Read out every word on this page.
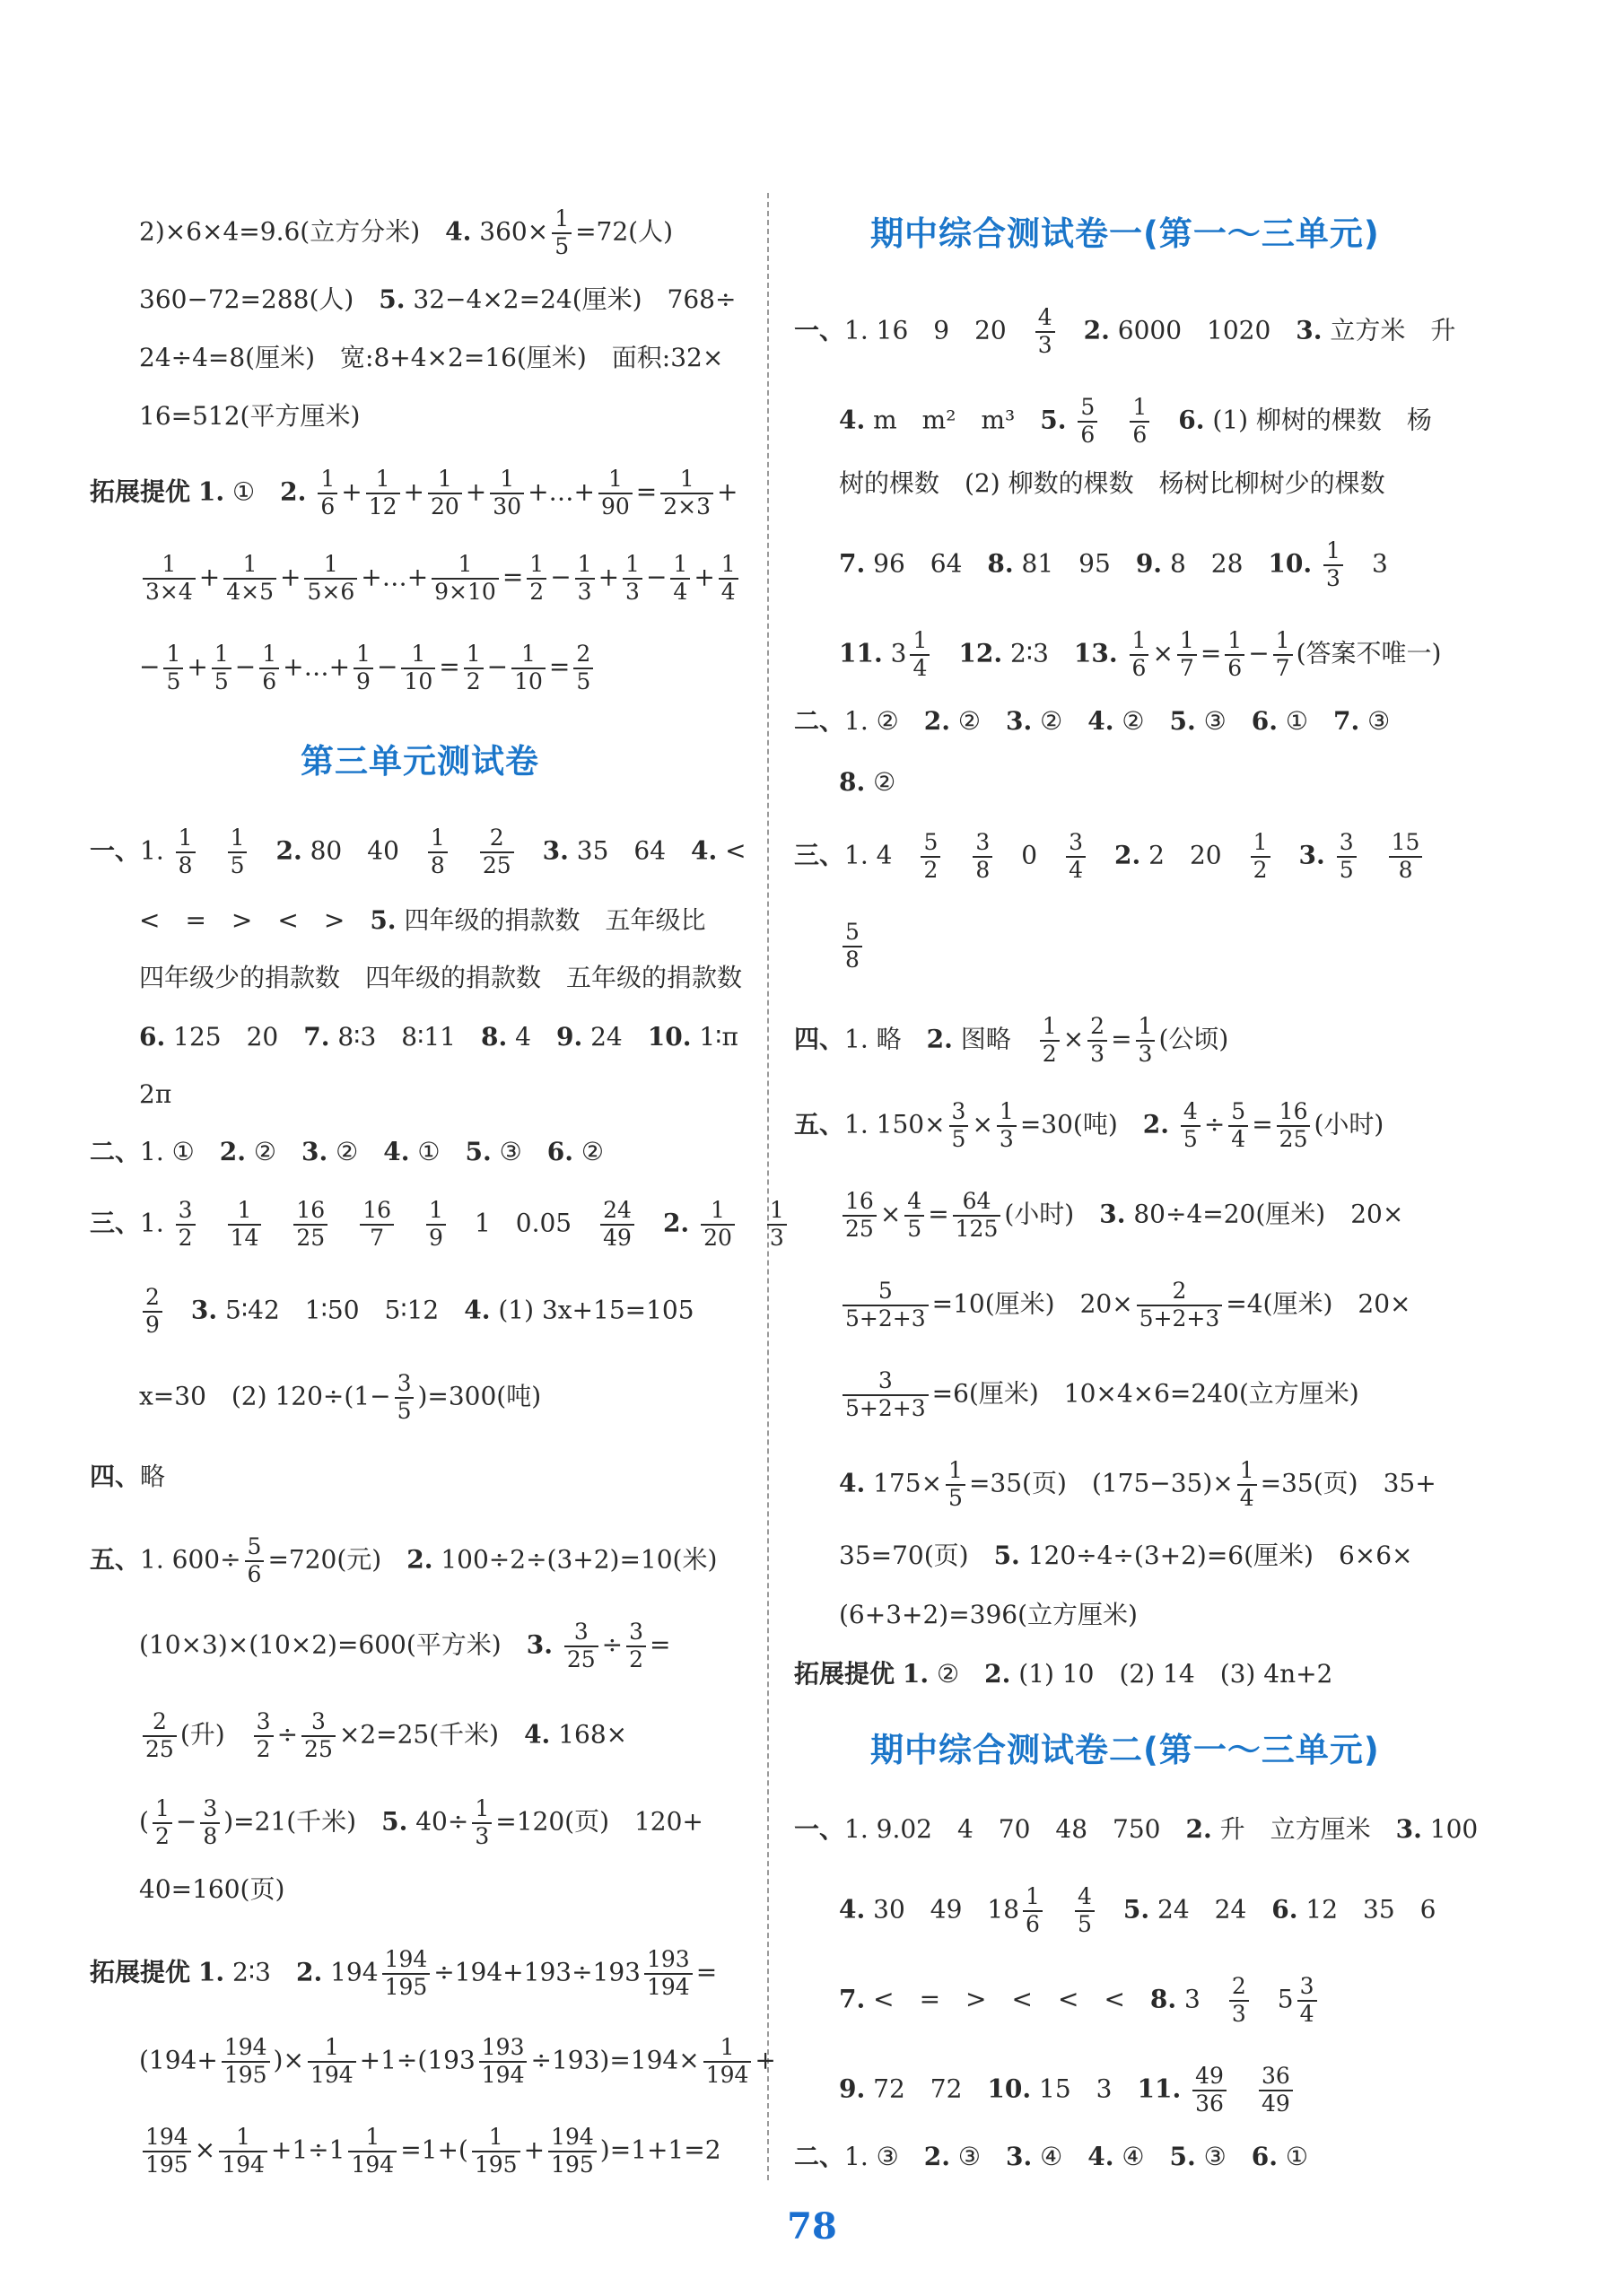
2)×6×4=9.6(立方分米)　4. $360\times \frac{1}{5} =72$(人)
360−72=288(人)　5. 32−4×2=24(厘米)　768÷
24÷4=8(厘米)　宽:8+4×2=16(厘米)　面积:32×
16=512(平方厘米)
拓展提优 1. ①　2. $\frac{1}{6} + \frac{1}{12} + \frac{1}{20} + \frac{1}{30}$ +…+ $\frac{1}{90} = \frac{1}{2\times 3}$ +
$\frac{1}{3\times 4} + \frac{1}{4\times 5} + \frac{1}{5\times 6}$ +…+ $\frac{1}{9\times 10} = \frac{1}{2} - \frac{1}{3} + \frac{1}{3} - \frac{1}{4} + \frac{1}{4}$
− $\frac{1}{5} + \frac{1}{5} - \frac{1}{6}$ +…+ $\frac{1}{9} - \frac{1}{10} = \frac{1}{2} - \frac{1}{10} = \frac{2}{5}$
第三单元测试卷
一、1. $\frac{1}{8}$
　 $\frac{1}{5}$
　 2. 80　40　 $\frac{1}{8}$
　 $\frac{2}{25}$
　 3. 35　64　4. <
<　=　>　<　>　5. 四年级的捐款数　五年级比
四年级少的捐款数　四年级的捐款数　五年级的捐款数
6. 125　20　7. 8∶3　8∶11　8. 4　9. 24　10. 1∶π
2π
二、1. ①　2. ②　3. ②　4. ①　5. ③　6. ②
三、1. $\frac{3}{2}$
　 $\frac{1}{14}$
　 $\frac{16}{25}$
　 $\frac{16}{7}$
　 $\frac{1}{9}$ 　1　0.05　 $\frac{24}{49}$
　 2. $\frac{1}{20}$
　 $\frac{1}{3}$
$\frac{2}{9}$
　 3. 5∶42　1∶50　5∶12　4. (1) 3x+15=105
x=30　(2) $120\div(1- \frac{3}{5} )=300$(吨)
四、略
五、1. $600\div \frac{5}{6} =720$(元)　2. 100÷2÷(3+2)=10(米)
(10×3)×(10×2)=600(平方米)　3. $\frac{3}{25} \div \frac{3}{2}$ =
$\frac{2}{25}$ (升)　 $\frac{3}{2} \div \frac{3}{25} \times 2=25$(千米)　4. 168×
( $\frac{1}{2} - \frac{3}{8} )=21$(千米)　5. $40\div \frac{1}{3} =120$(页)　120+
40=160(页)
拓展提优 1. 2∶3　2. $194 \frac{194}{195} \div 194+193\div 193 \frac{193}{194}$ =
($194+ \frac{194}{195}$ )× $\frac{1}{194} +1\div(193 \frac{193}{194} \div 193)=194\times \frac{1}{194}$ +
$\frac{194}{195} \times \frac{1}{194} +1\div 1 \frac{1}{194} =1+( \frac{1}{195} + \frac{194}{195} )=1+1=2$
期中综合测试卷一(第一～三单元)
一、1. 16　9　20　 $\frac{4}{3}$
　 2. 6000　1020　3. 立方米　升
4. m　m²　m³　5. $\frac{5}{6}$
　 $\frac{1}{6}$
　 6. (1) 柳树的棵数　杨
树的棵数　(2) 柳数的棵数　杨树比柳树少的棵数
7. 96　64　8. 81　95　9. 8　28　10. $\frac{1}{3}$ 　3
11. $3 \frac{1}{4}$
　 12. 2∶3　13. $\frac{1}{6} \times \frac{1}{7} = \frac{1}{6} - \frac{1}{7}$ (答案不唯一)
二、1. ②　2. ②　3. ②　4. ②　5. ③　6. ①　7. ③
8. ②
三、1. 4　 $\frac{5}{2}$
　 $\frac{3}{8}$ 　0　 $\frac{3}{4}$
　 2. 2　20　 $\frac{1}{2}$
　 3. $\frac{3}{5}$
　 $\frac{15}{8}$
$\frac{5}{8}$
四、1. 略　2. 图略　 $\frac{1}{2} \times \frac{2}{3} = \frac{1}{3}$ (公顷)
五、1. $150\times \frac{3}{5} \times \frac{1}{3} =30$(吨)　2. $\frac{4}{5} \div \frac{5}{4} = \frac{16}{25}$ (小时)
$\frac{16}{25} \times \frac{4}{5} = \frac{64}{125}$ (小时)　3. 80÷4=20(厘米)　20×
$\frac{5}{5+2+3} =10$(厘米)　$20\times \frac{2}{5+2+3} =4$(厘米)　20×
$\frac{3}{5+2+3} =6$(厘米)　10×4×6=240(立方厘米)
4. $175\times \frac{1}{5} =35$(页)　$(175-35)\times \frac{1}{4} =35$(页)　35+
35=70(页)　5. 120÷4÷(3+2)=6(厘米)　6×6×
(6+3+2)=396(立方厘米)
拓展提优 1. ②　2. (1) 10　(2) 14　(3) 4n+2
期中综合测试卷二(第一～三单元)
一、1. 9.02　4　70　48　750　2. 升　立方厘米　3. 100
4. 30　49　$18 \frac{1}{6}$
　 $\frac{4}{5}$
　 5. 24　24　6. 12　35　6
7. <　=　>　<　<　<　8. 3　 $\frac{2}{3}$ 　$5 \frac{3}{4}$
9. 72　72　10. 15　3　11. $\frac{49}{36}$
　 $\frac{36}{49}$
二、1. ③　2. ③　3. ④　4. ④　5. ③　6. ①
78
